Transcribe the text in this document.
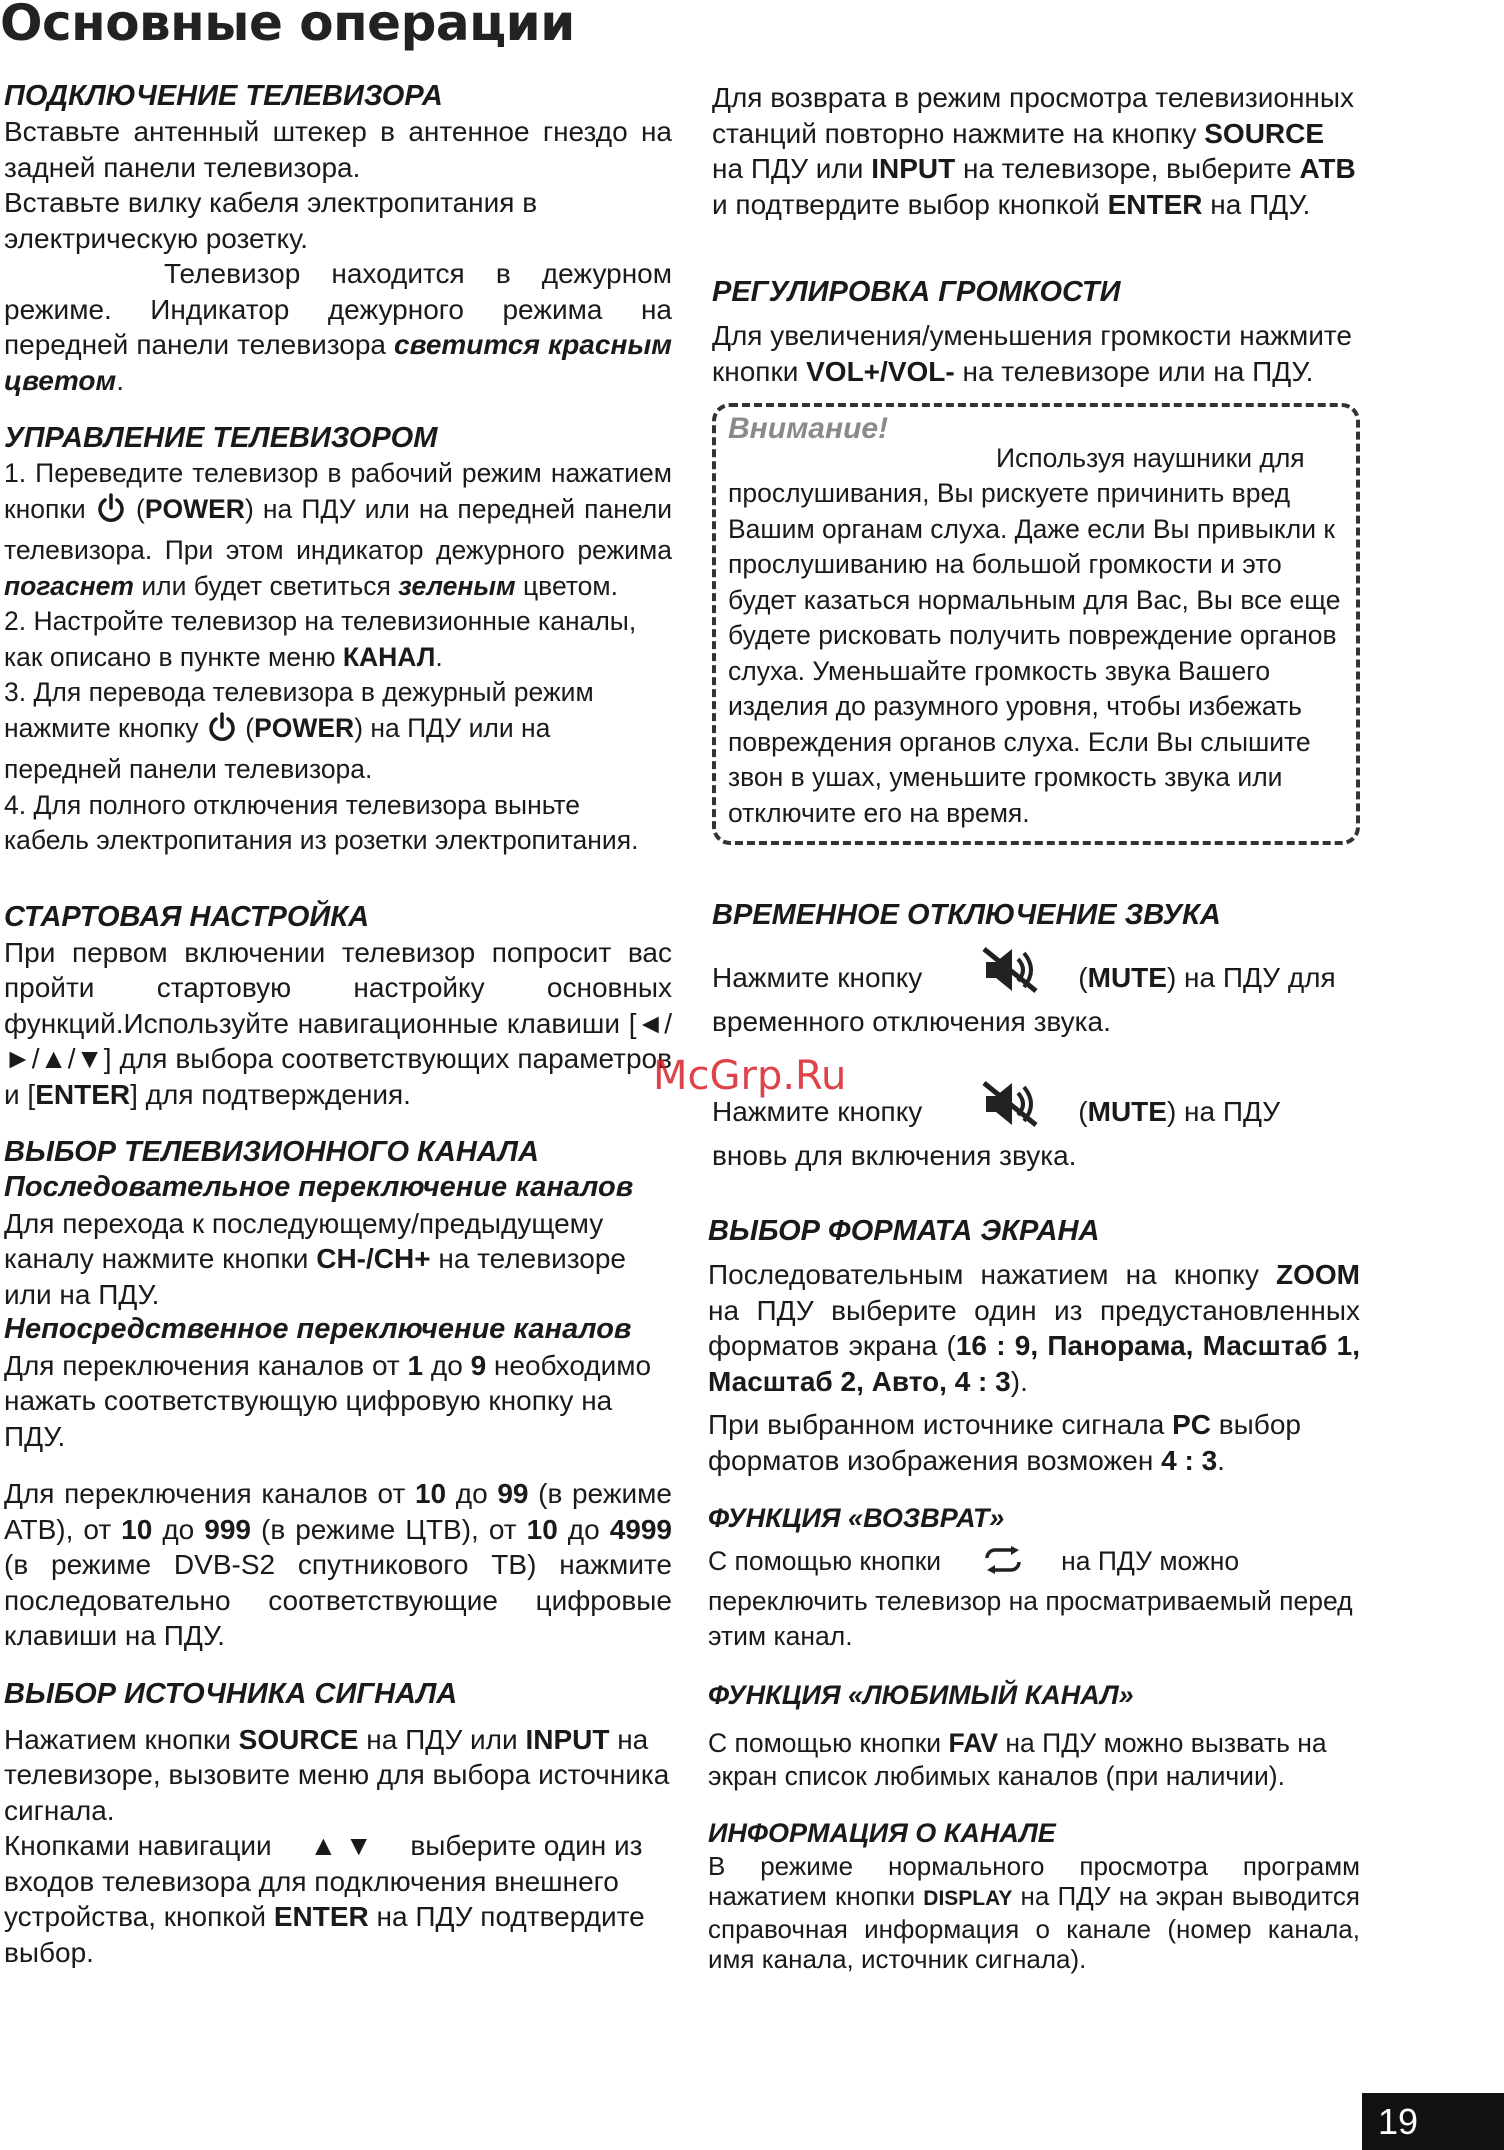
Основные операции
ПОДКЛЮЧЕНИЕ ТЕЛЕВИЗОРА

Вставьте антенный штекер в антенное гнездо на задней панели телевизора.

Вставьте вилку кабеля электропитания в электрическую розетку.

Телевизор находится в дежурном режиме. Индикатор дежурного режима на передней панели телевизора светится красным цветом.

УПРАВЛЕНИЕ ТЕЛЕВИЗОРОМ

1. Переведите телевизор в рабочий режим нажатием кнопки  (POWER) на ПДУ или на передней панели телевизора. При этом индикатор дежурного режима погаснет или будет светиться зеленым цветом.

2. Настройте телевизор на телевизионные каналы, как описано в пункте меню КАНАЛ.

3. Для перевода телевизора в дежурный режим нажмите кнопку  (POWER) на ПДУ или на передней панели телевизора.

4. Для полного отключения телевизора выньте кабель электропитания из розетки электропитания.

СТАРТОВАЯ НАСТРОЙКА

При первом включении телевизор попросит вас пройти стартовую настройку основных функций.Используйте навигационные клавиши [◄/►/▲/▼] для выбора соответствующих параметров и [ENTER] для подтверждения.

ВЫБОР ТЕЛЕВИЗИОННОГО КАНАЛА
Последовательное переключение каналов

Для перехода к последующему/предыдущему каналу нажмите кнопки CH-/CH+ на телевизоре или на ПДУ.

Непосредственное переключение каналов

Для переключения каналов от 1 до 9 необходимо нажать соответствующую цифровую кнопку на ПДУ.

Для переключения каналов от 10 до 99 (в режиме АТВ), от 10 до 999 (в режиме ЦТВ), от 10 до 4999 (в режиме DVB-S2 спутникового ТВ) нажмите последовательно соответствующие цифровые клавиши на ПДУ.

ВЫБОР ИСТОЧНИКА СИГНАЛА

Нажатием кнопки SOURCE на ПДУ или INPUT на телевизоре, вызовите меню для выбора источника сигнала.

Кнопками навигации ▲ ▼ выберите один из входов телевизора для подключения внешнего устройства, кнопкой ENTER на ПДУ подтвердите выбор.

Для возврата в режим просмотра телевизионных станций повторно нажмите на кнопку SOURCE на ПДУ или INPUT на телевизоре, выберите АТВ и подтвердите выбор кнопкой ENTER на ПДУ.

РЕГУЛИРОВКА ГРОМКОСТИ

Для увеличения/уменьшения громкости нажмите кнопки VOL+/VOL- на телевизоре или на ПДУ.

Внимание!

Используя наушники для прослушивания, Вы рискуете причинить вред Вашим органам слуха. Даже если Вы привыкли к прослушиванию на большой громкости и это будет казаться нормальным для Вас, Вы все еще будете рисковать получить повреждение органов слуха. Уменьшайте громкость звука Вашего изделия до разумного уровня, чтобы избежать повреждения органов слуха. Если Вы слышите звон в ушах, уменьшите громкость звука или отключите его на время.

ВРЕМЕННОЕ ОТКЛЮЧЕНИЕ ЗВУКА

Нажмите кнопку	(MUTE) на ПДУ для временного отключения звука.

Нажмите кнопку	(MUTE) на ПДУ вновь для включения звука.

ВЫБОР ФОРМАТА ЭКРАНА

Последовательным нажатием на кнопку ZOOM на ПДУ выберите один из предустановленных форматов экрана (16 : 9, Панорама, Масштаб 1, Масштаб 2, Авто, 4 : 3).

При выбранном источнике сигнала PC выбор форматов изображения возможен 4 : 3.

ФУНКЦИЯ «ВОЗВРАТ»

С помощью кнопки	на ПДУ можно переключить телевизор на просматриваемый перед этим канал.

ФУНКЦИЯ «ЛЮБИМЫЙ КАНАЛ»

С помощью кнопки FAV на ПДУ можно вызвать на экран список любимых каналов (при наличии).

ИНФОРМАЦИЯ О КАНАЛЕ

В режиме нормального просмотра программ нажатием кнопки DISPLAY на ПДУ на экран выводится справочная информация о канале (номер канала, имя канала, источник сигнала).

McGrp.Ru
19
